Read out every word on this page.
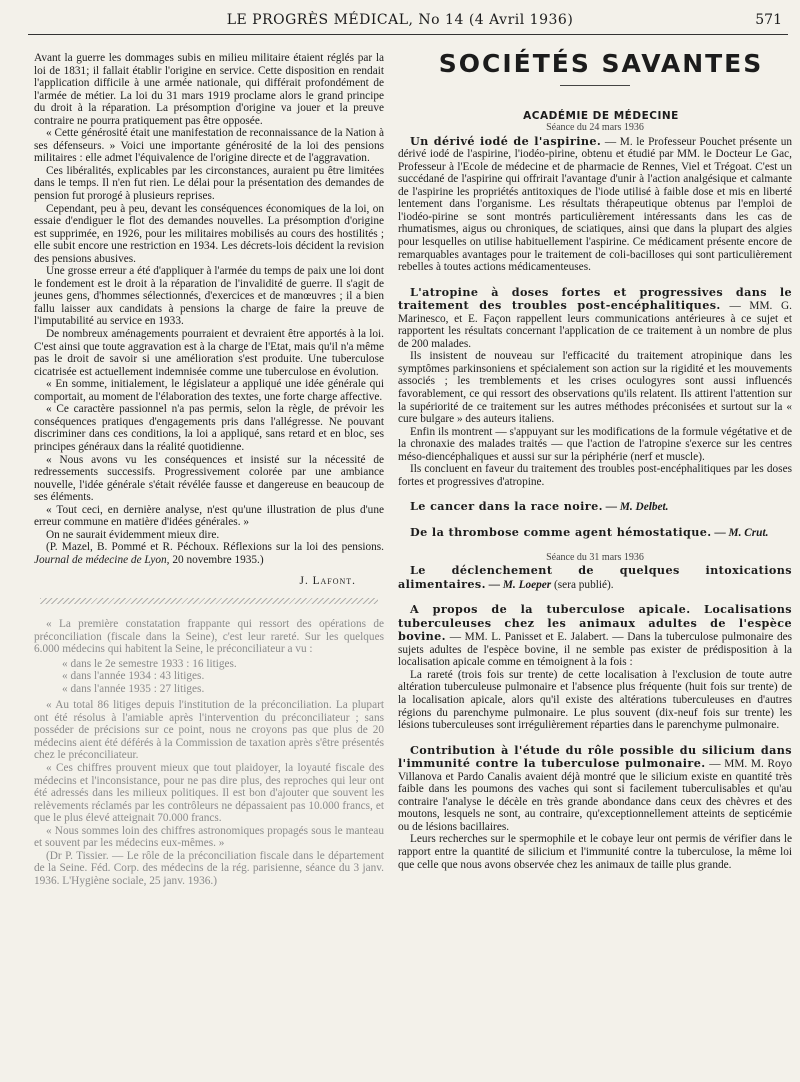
LE PROGRÈS MÉDICAL, No 14 (4 Avril 1936)	571

Avant la guerre les dommages subis en milieu militaire étaient réglés par la loi de 1831; il fallait établir l'origine en service. Cette disposition en rendait l'application difficile à une armée nationale, qui différait profondément de l'armée de métier. La loi du 31 mars 1919 proclame alors le grand principe du droit à la réparation. La présomption d'origine va jouer et la preuve contraire ne pourra pratiquement pas être opposée.

« Cette générosité était une manifestation de reconnaissance de la Nation à ses défenseurs. » Voici une importante générosité de la loi des pensions militaires : elle admet l'équivalence de l'origine directe et de l'aggravation.

Ces libéralités, explicables par les circonstances, auraient pu être limitées dans le temps. Il n'en fut rien. Le délai pour la présentation des demandes de pension fut prorogé à plusieurs reprises.

Cependant, peu à peu, devant les conséquences économiques de la loi, on essaie d'endiguer le flot des demandes nouvelles. La présomption d'origine est supprimée, en 1926, pour les militaires mobilisés au cours des hostilités ; elle subit encore une restriction en 1934. Les décrets-lois décident la revision des pensions abusives.

Une grosse erreur a été d'appliquer à l'armée du temps de paix une loi dont le fondement est le droit à la réparation de l'invalidité de guerre. Il s'agit de jeunes gens, d'hommes sélectionnés, d'exercices et de manœuvres ; il a bien fallu laisser aux candidats à pensions la charge de faire la preuve de l'imputabilité au service en 1933.

De nombreux aménagements pourraient et devraient être apportés à la loi. C'est ainsi que toute aggravation est à la charge de l'Etat, mais qu'il n'a même pas le droit de savoir si une amélioration s'est produite. Une tuberculose cicatrisée est actuellement indemnisée comme une tuberculose en évolution.

« En somme, initialement, le législateur a appliqué une idée générale qui comportait, au moment de l'élaboration des textes, une forte charge affective.

« Ce caractère passionnel n'a pas permis, selon la règle, de prévoir les conséquences pratiques d'engagements pris dans l'allégresse. Ne pouvant discriminer dans ces conditions, la loi a appliqué, sans retard et en bloc, ses principes généraux dans la réalité quotidienne.

« Nous avons vu les conséquences et insisté sur la nécessité de redressements successifs. Progressivement colorée par une ambiance nouvelle, l'idée générale s'était révélée fausse et dangereuse en beaucoup de ses éléments.

« Tout ceci, en dernière analyse, n'est qu'une illustration de plus d'une erreur commune en matière d'idées générales. »

On ne saurait évidemment mieux dire.

(P. Mazel, B. Pommé et R. Péchoux. Réflexions sur la loi des pensions. Journal de médecine de Lyon, 20 novembre 1935.)

J. Lafont.

« La première constatation frappante qui ressort des opérations de préconciliation (fiscale dans la Seine), c'est leur rareté. Sur les quelques 6.000 médecins qui habitent la Seine, le préconciliateur a vu :

« dans le 2e semestre 1933 : 16 litiges.
« dans l'année 1934 : 43 litiges.
« dans l'année 1935 : 27 litiges.

« Au total 86 litiges depuis l'institution de la préconciliation. La plupart ont été résolus à l'amiable après l'intervention du préconciliateur ; sans posséder de précisions sur ce point, nous ne croyons pas que plus de 20 médecins aient été déférés à la Commission de taxation après s'être présentés chez le préconciliateur.

« Ces chiffres prouvent mieux que tout plaidoyer, la loyauté fiscale des médecins et l'inconsistance, pour ne pas dire plus, des reproches qui leur ont été adressés dans les milieux politiques. Il est bon d'ajouter que souvent les relèvements réclamés par les contrôleurs ne dépassaient pas 10.000 francs, et que le plus élevé atteignait 70.000 francs.

« Nous sommes loin des chiffres astronomiques propagés sous le manteau et souvent par les médecins eux-mêmes. »

(Dr P. Tissier. — Le rôle de la préconciliation fiscale dans le département de la Seine. Féd. Corp. des médecins de la rég. parisienne, séance du 3 janv. 1936. L'Hygiène sociale, 25 janv. 1936.)

SOCIÉTÉS SAVANTES

ACADÉMIE DE MÉDECINE

Séance du 24 mars 1936

Un dérivé iodé de l'aspirine. — M. le Professeur Pouchet présente un dérivé iodé de l'aspirine, l'iodéo-pirine, obtenu et étudié par MM. le Docteur Le Gac, Professeur à l'Ecole de médecine et de pharmacie de Rennes, Viel et Trégoat. C'est un succédané de l'aspirine qui offrirait l'avantage d'unir à l'action analgésique et calmante de l'aspirine les propriétés antitoxiques de l'iode utilisé à faible dose et mis en liberté lentement dans l'organisme. Les résultats thérapeutique obtenus par l'emploi de l'iodéo-pirine se sont montrés particulièrement intéressants dans les cas de rhumatismes, aigus ou chroniques, de sciatiques, ainsi que dans la plupart des algies pour lesquelles on utilise habituellement l'aspirine. Ce médicament présente encore de remarquables avantages pour le traitement de coli-bacilloses qui sont particulièrement rebelles à toutes actions médicamenteuses.

L'atropine à doses fortes et progressives dans le traitement des troubles post-encéphalitiques. — MM. G. Marinesco, et E. Façon rappellent leurs communications antérieures à ce sujet et rapportent les résultats concernant l'application de ce traitement à un nombre de plus de 200 malades.

Ils insistent de nouveau sur l'efficacité du traitement atropinique dans les symptômes parkinsoniens et spécialement son action sur la rigidité et les mouvements associés ; les tremblements et les crises oculogyres sont aussi influencés favorablement, ce qui ressort des observations qu'ils relatent. Ils attirent l'attention sur la supériorité de ce traitement sur les autres méthodes préconisées et surtout sur la « cure bulgare » des auteurs italiens.

Enfin ils montrent — s'appuyant sur les modifications de la formule végétative et de la chronaxie des malades traités — que l'action de l'atropine s'exerce sur les centres méso-diencéphaliques et aussi sur sur la périphérie (nerf et muscle).

Ils concluent en faveur du traitement des troubles post-encéphalitiques par les doses fortes et progressives d'atropine.

Le cancer dans la race noire. — M. Delbet.

De la thrombose comme agent hémostatique. — M. Crut.

Séance du 31 mars 1936

Le déclenchement de quelques intoxications alimentaires. — M. Loeper (sera publié).

A propos de la tuberculose apicale. Localisations tuberculeuses chez les animaux adultes de l'espèce bovine. — MM. L. Panisset et E. Jalabert. — Dans la tuberculose pulmonaire des sujets adultes de l'espèce bovine, il ne semble pas exister de prédisposition à la localisation apicale comme en témoignent à la fois :

La rareté (trois fois sur trente) de cette localisation à l'exclusion de toute autre altération tuberculeuse pulmonaire et l'absence plus fréquente (huit fois sur trente) de la localisation apicale, alors qu'il existe des altérations tuberculeuses en d'autres régions du parenchyme pulmonaire. Le plus souvent (dix-neuf fois sur trente) les lésions tuberculeuses sont irrégulièrement réparties dans le parenchyme pulmonaire.

Contribution à l'étude du rôle possible du silicium dans l'immunité contre la tuberculose pulmonaire. — MM. M. Royo Villanova et Pardo Canalis avaient déjà montré que le silicium existe en quantité très faible dans les poumons des vaches qui sont si facilement tuberculisables et qu'au contraire l'analyse le décèle en très grande abondance dans ceux des chèvres et des moutons, lesquels ne sont, au contraire, qu'exceptionnellement atteints de septicémie ou de lésions bacillaires.

Leurs recherches sur le spermophile et le cobaye leur ont permis de vérifier dans le rapport entre la quantité de silicium et l'immunité contre la tuberculose, la même loi que celle que nous avons observée chez les animaux de taille plus grande.
